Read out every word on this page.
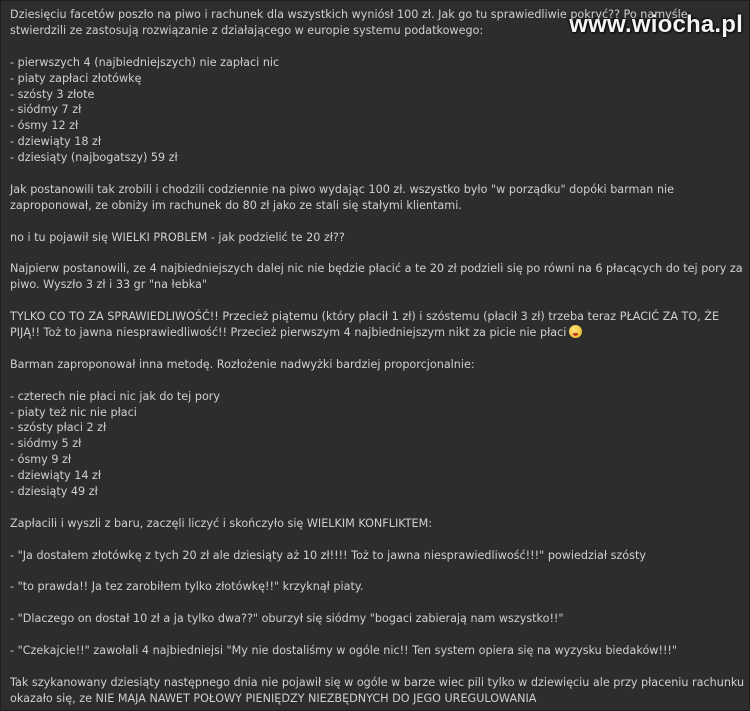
www.wiocha.pl

Dziesięciu facetów poszło na piwo i rachunek dla wszystkich wyniósł 100 zł. Jak go tu sprawiedliwie pokryć?? Po namyśle stwierdzili ze zastosują rozwiązanie z działającego w europie systemu podatkowego:

- pierwszych 4 (najbiedniejszych) nie zapłaci nic
- piaty zapłaci złotówkę
- szósty 3 złote
- siódmy 7 zł
- ósmy 12 zł
- dziewiąty 18 zł
- dziesiąty (najbogatszy) 59 zł

Jak postanowili tak zrobili i chodzili codziennie na piwo wydając 100 zł. wszystko było "w porządku" dopóki barman nie zaproponował, ze obniży im rachunek do 80 zł jako ze stali się stałymi klientami.

no i tu pojawił się WIELKI PROBLEM - jak podzielić te 20 zł??

Najpierw postanowili, ze 4 najbiedniejszych dalej nic nie będzie płacić a te 20 zł podzieli się po równi na 6 płacących do tej pory za piwo. Wyszło 3 zł i 33 gr "na łebka"

TYLKO CO TO ZA SPRAWIEDLIWOŚĆ!! Przecież piątemu (który płacił 1 zł) i szóstemu (płacił 3 zł) trzeba teraz PŁACIĆ ZA TO, ŻE PIJĄ!! Toż to jawna niesprawiedliwość!! Przecież pierwszym 4 najbiedniejszym nikt za picie nie płaci

Barman zaproponował inna metodę. Rozłożenie nadwyżki bardziej proporcjonalnie:

- czterech nie płaci nic jak do tej pory
- piaty też nic nie płaci
- szósty płaci 2 zł
- siódmy 5 zł
- ósmy 9 zł
- dziewiąty 14 zł
- dziesiąty 49 zł

Zapłacili i wyszli z baru, zaczęli liczyć i skończyło się WIELKIM KONFLIKTEM:

- "Ja dostałem złotówkę z tych 20 zł ale dziesiąty aż 10 zł!!!! Toż to jawna niesprawiedliwość!!!" powiedział szósty

- "to prawda!! Ja tez zarobiłem tylko złotówkę!!" krzyknął piaty.

- "Dlaczego on dostał 10 zł a ja tylko dwa??" oburzył się siódmy "bogaci zabierają nam wszystko!!"

- "Czekajcie!!" zawołali 4 najbiedniejsi "My nie dostaliśmy w ogóle nic!! Ten system opiera się na wyzysku biedaków!!!"

Tak szykanowany dziesiąty następnego dnia nie pojawił się w ogóle w barze wiec pili tylko w dziewięciu ale przy płaceniu rachunku okazało się, ze NIE MAJA NAWET POŁOWY PIENIĘDZY NIEZBĘDNYCH DO JEGO UREGULOWANIA
